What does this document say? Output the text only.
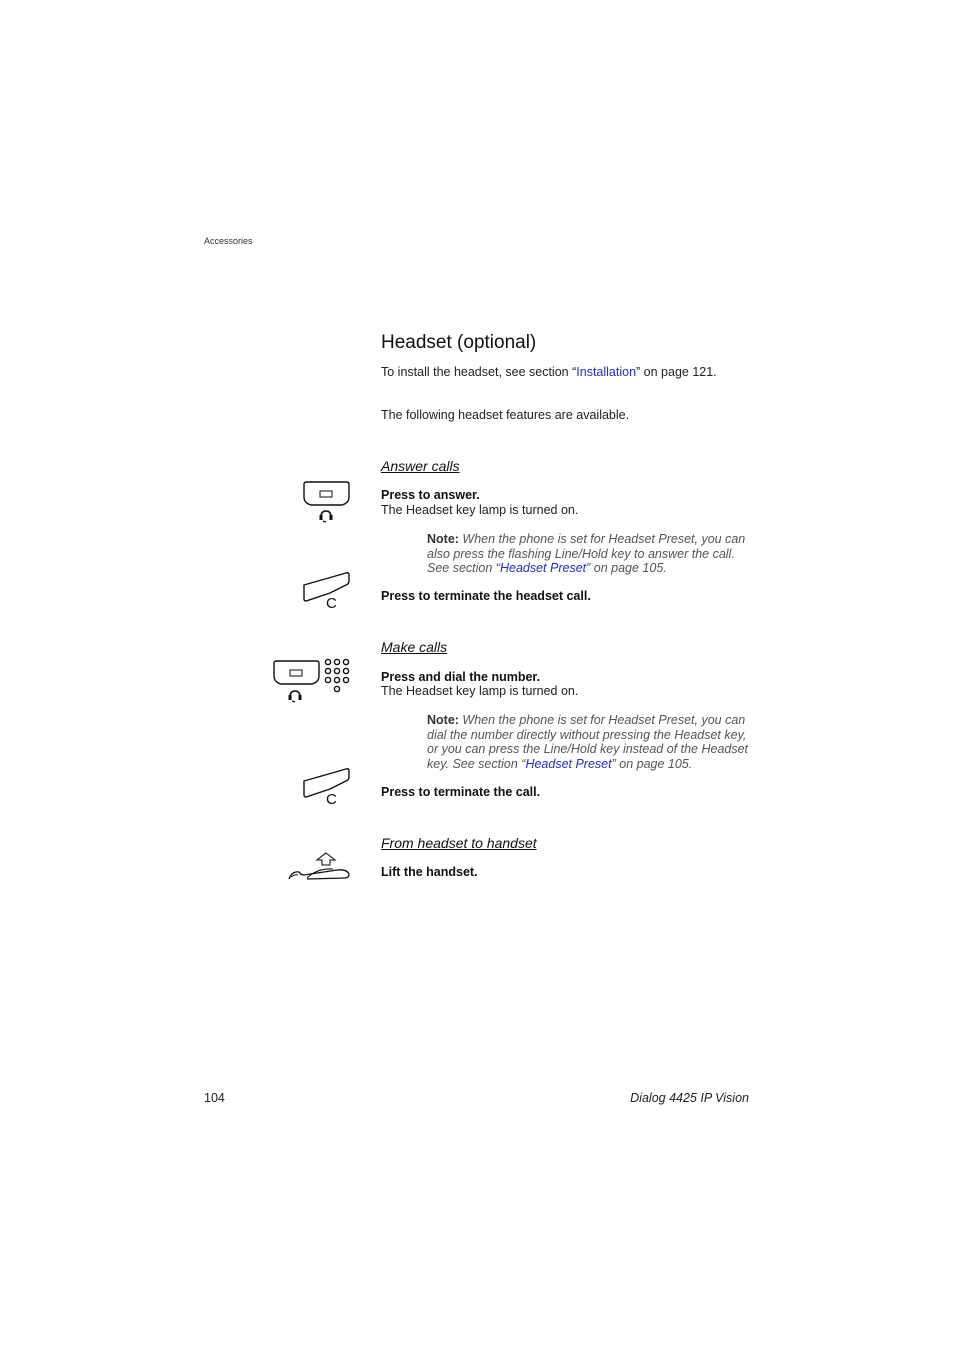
Accessories
Headset (optional)
To install the headset, see section “Installation” on page 121.
The following headset features are available.
Answer calls
Press to answer.
The Headset key lamp is turned on.
Note: When the phone is set for Headset Preset, you can also press the flashing Line/Hold key to answer the call. See section “Headset Preset” on page 105.
C	Press to terminate the headset call.
Make calls
Press and dial the number.
The Headset key lamp is turned on.
Note: When the phone is set for Headset Preset, you can dial the number directly without pressing the Headset key, or you can press the Line/Hold key instead of the Headset key. See section “Headset Preset” on page 105.
C	Press to terminate the call.
From headset to handset
Lift the handset.
104	Dialog 4425 IP Vision
